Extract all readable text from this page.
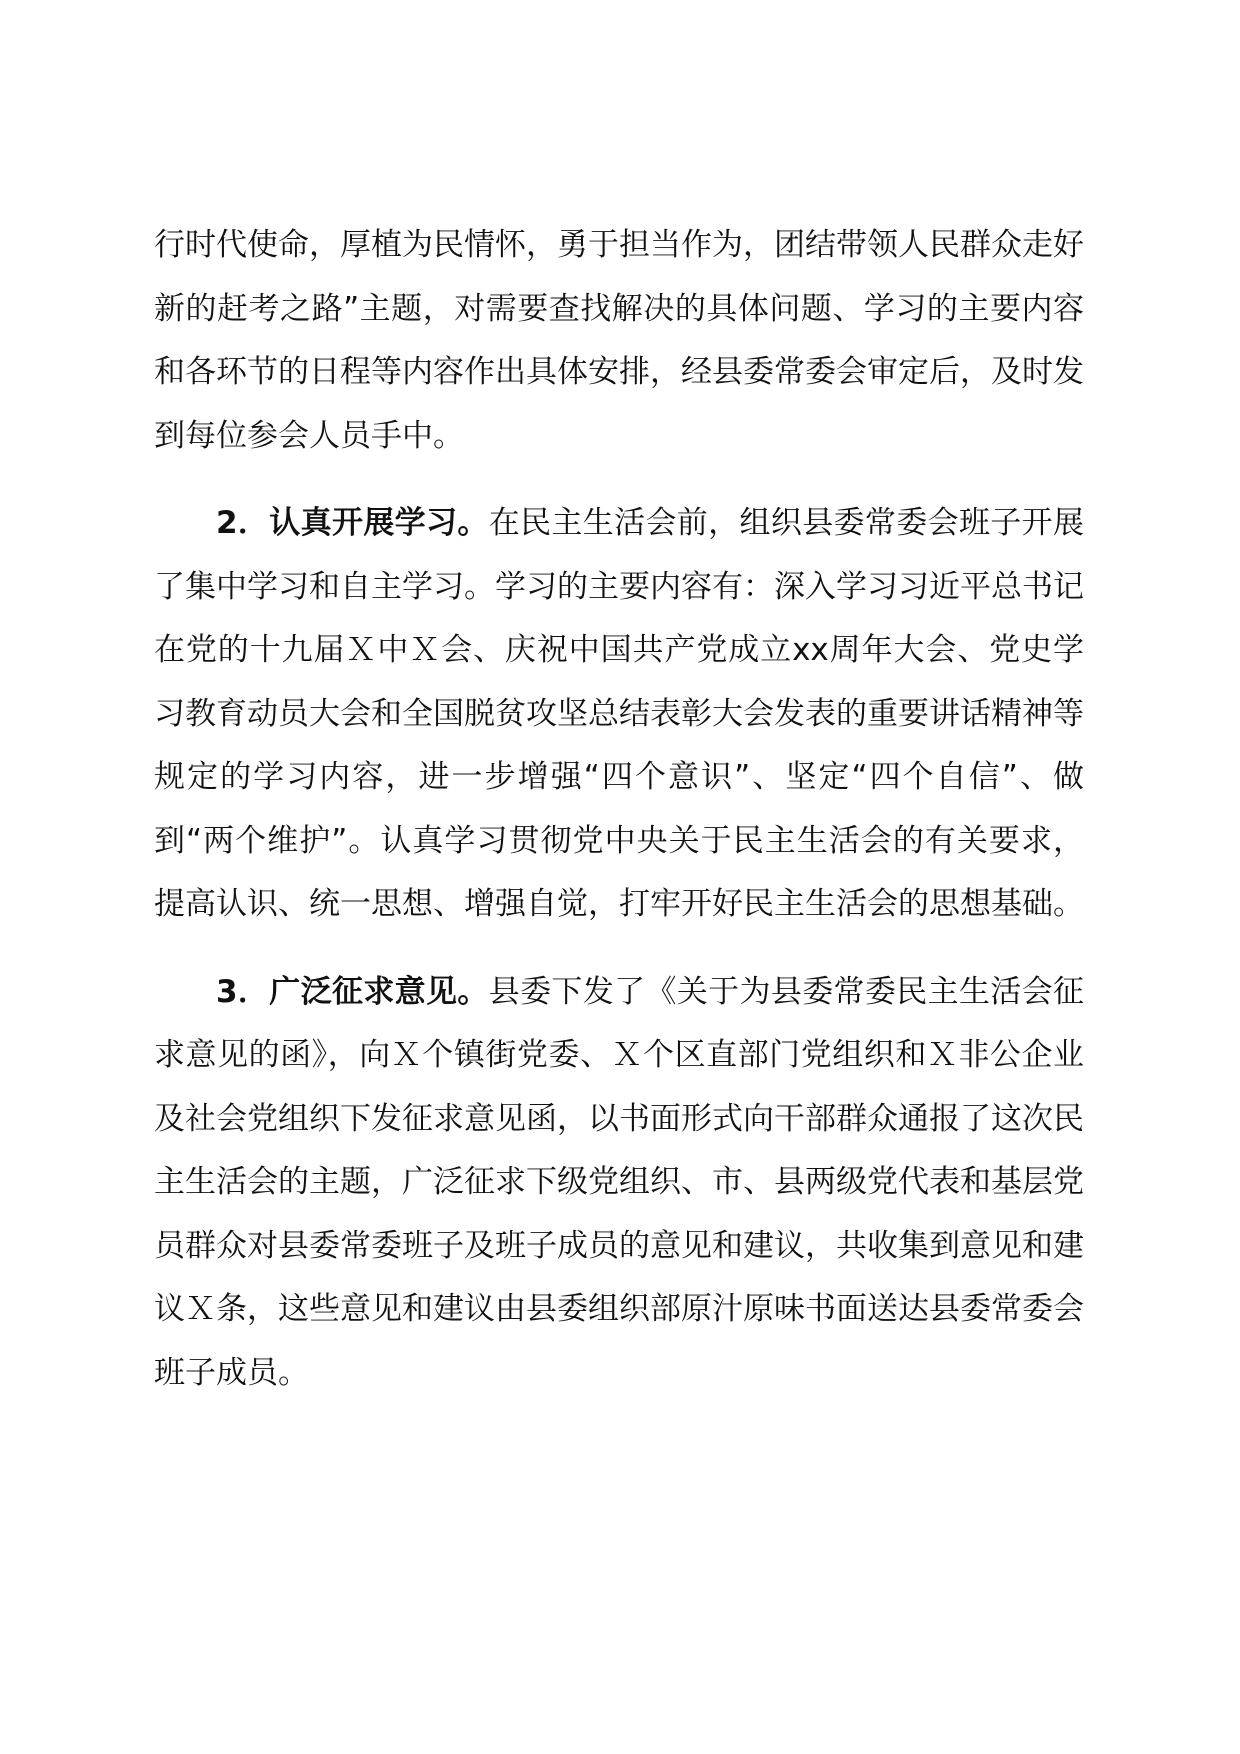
行时代使命，厚植为民情怀，勇于担当作为，团结带领人民群众走好新的赶考之路”主题，对需要查找解决的具体问题、学习的主要内容和各环节的日程等内容作出具体安排，经县委常委会审定后，及时发到每位参会人员手中。

2．认真开展学习。在民主生活会前，组织县委常委会班子开展了集中学习和自主学习。学习的主要内容有：深入学习习近平总书记在党的十九届Ｘ中Ｘ会、庆祝中国共产党成立xx周年大会、党史学习教育动员大会和全国脱贫攻坚总结表彰大会发表的重要讲话精神等规定的学习内容，进一步增强“四个意识”、坚定“四个自信”、做到“两个维护”。认真学习贯彻党中央关于民主生活会的有关要求，提高认识、统一思想、增强自觉，打牢开好民主生活会的思想基础。

3．广泛征求意见。县委下发了《关于为县委常委民主生活会征求意见的函》，向Ｘ个镇街党委、Ｘ个区直部门党组织和Ｘ非公企业及社会党组织下发征求意见函，以书面形式向干部群众通报了这次民主生活会的主题，广泛征求下级党组织、市、县两级党代表和基层党员群众对县委常委班子及班子成员的意见和建议，共收集到意见和建议Ｘ条，这些意见和建议由县委组织部原汁原味书面送达县委常委会班子成员。
